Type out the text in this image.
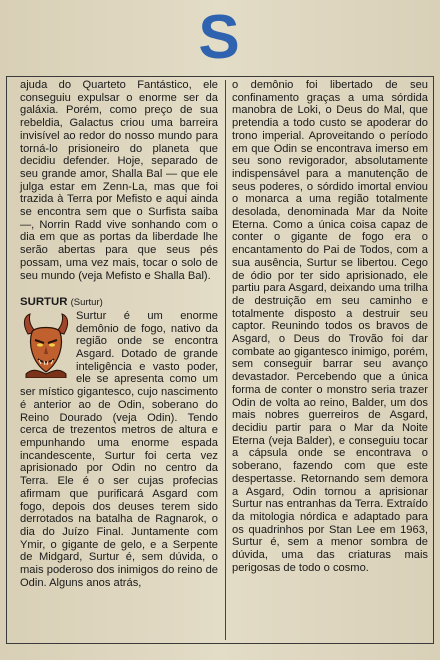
S

ajuda do Quarteto Fantástico, ele conseguiu expulsar o enorme ser da galáxia. Porém, como preço de sua rebeldia, Galactus criou uma barreira invisível ao redor do nosso mundo para torná-lo prisioneiro do planeta que decidiu defender. Hoje, separado de seu grande amor, Shalla Bal — que ele julga estar em Zenn-La, mas que foi trazida à Terra por Mefisto e aqui ainda se encontra sem que o Surfista saiba —, Norrin Radd vive sonhando com o dia em que as portas da liberdade lhe serão abertas para que seus pés possam, uma vez mais, tocar o solo de seu mundo (veja Mefisto e Shalla Bal).

SURTUR (Surtur)

Surtur é um enorme demônio de fogo, nativo da região onde se encontra Asgard. Dotado de grande inteligência e vasto poder, ele se apresenta como um ser místico gigantesco, cujo nascimento é anterior ao de Odin, soberano do Reino Dourado (veja Odin). Tendo cerca de trezentos metros de altura e empunhando uma enorme espada incandescente, Surtur foi certa vez aprisionado por Odin no centro da Terra. Ele é o ser cujas profecias afirmam que purificará Asgard com fogo, depois dos deuses terem sido derrotados na batalha de Ragnarok, o dia do Juízo Final. Juntamente com Ymir, o gigante de gelo, e a Serpente de Midgard, Surtur é, sem dúvida, o mais poderoso dos inimigos do reino de Odin. Alguns anos atrás,

o demônio foi libertado de seu confinamento graças a uma sórdida manobra de Loki, o Deus do Mal, que pretendia a todo custo se apoderar do trono imperial. Aproveitando o período em que Odin se encontrava imerso em seu sono revigorador, absolutamente indispensável para a manutenção de seus poderes, o sórdido imortal enviou o monarca a uma região totalmente desolada, denominada Mar da Noite Eterna. Como a única coisa capaz de conter o gigante de fogo era o encantamento do Pai de Todos, com a sua ausência, Surtur se libertou. Cego de ódio por ter sido aprisionado, ele partiu para Asgard, deixando uma trilha de destruição em seu caminho e totalmente disposto a destruir seu captor. Reunindo todos os bravos de Asgard, o Deus do Trovão foi dar combate ao gigantesco inimigo, porém, sem conseguir barrar seu avanço devastador. Percebendo que a única forma de conter o monstro seria trazer Odin de volta ao reino, Balder, um dos mais nobres guerreiros de Asgard, decidiu partir para o Mar da Noite Eterna (veja Balder), e conseguiu tocar a cápsula onde se encontrava o soberano, fazendo com que este despertasse. Retornando sem demora a Asgard, Odin tornou a aprisionar Surtur nas entranhas da Terra. Extraído da mitologia nórdica e adaptado para os quadrinhos por Stan Lee em 1963, Surtur é, sem a menor sombra de dúvida, uma das criaturas mais perigosas de todo o cosmo.
